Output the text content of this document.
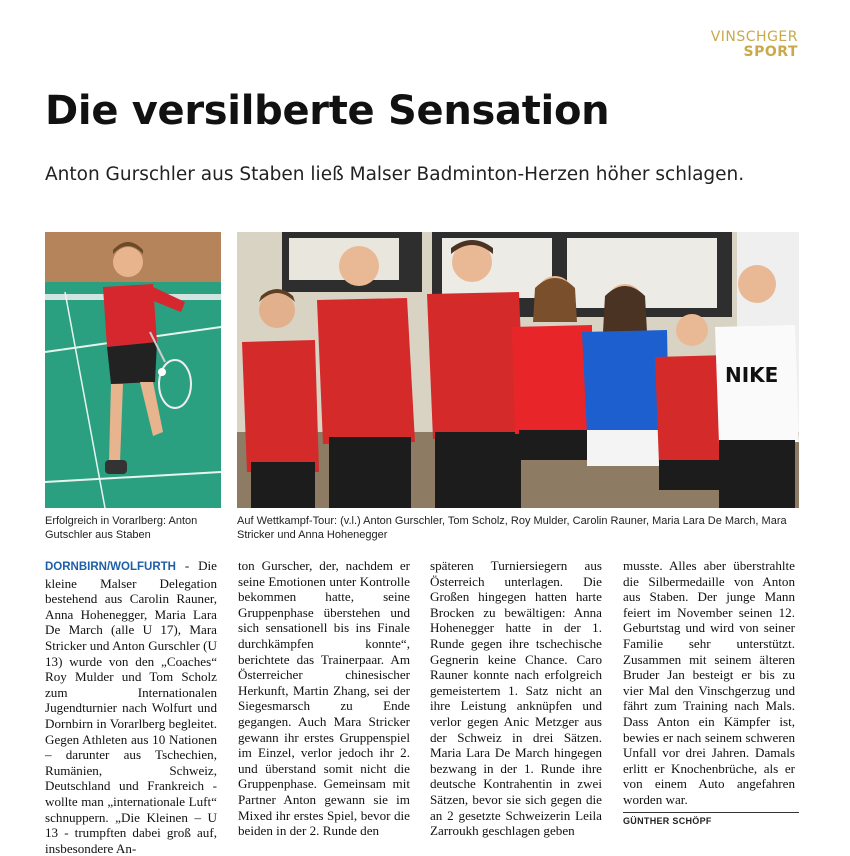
VINSCHGER
SPORT
Die versilberte Sensation

Anton Gurschler aus Staben ließ Malser Badminton-Herzen höher schlagen.

NIKE
Erfolgreich in Vorarlberg: Anton Gutschler aus Staben
Auf Wettkampf-Tour: (v.l.) Anton Gurschler, Tom Scholz, Roy Mulder, Carolin Rauner, Maria Lara De March, Mara Stricker und Anna Hohenegger
DORNBIRN/WOLFURTH - Die kleine Malser Delegation bestehend aus Carolin Rauner, Anna Hohenegger, Maria Lara De March (alle U 17), Mara Stricker und Anton Gurschler (U 13) wurde von den „Coaches“ Roy Mulder und Tom Scholz zum Internationalen Jugendturnier nach Wolfurt und Dornbirn in Vorarlberg begleitet. Gegen Athleten aus 10 Nationen – darunter aus Tschechien, Rumänien, Schweiz, Deutschland und Frankreich - wollte man „internationale Luft“ schnuppern. „Die Kleinen – U 13 - trumpften dabei groß auf, insbesondere An-
ton Gurscher, der, nachdem er seine Emotionen unter Kontrolle bekommen hatte, seine Gruppenphase überstehen und sich sensationell bis ins Finale durchkämpfen konnte“, berichtete das Trainerpaar. Am Österreicher chinesischer Herkunft, Martin Zhang, sei der Siegesmarsch zu Ende gegangen. Auch Mara Stricker gewann ihr erstes Gruppenspiel im Einzel, verlor jedoch ihr 2. und überstand somit nicht die Gruppenphase. Gemeinsam mit Partner Anton gewann sie im Mixed ihr erstes Spiel, bevor die beiden in der 2. Runde den
späteren Turniersiegern aus Österreich unterlagen. Die Großen hingegen hatten harte Brocken zu bewältigen: Anna Hohenegger hatte in der 1. Runde gegen ihre tschechische Gegnerin keine Chance. Caro Rauner konnte nach erfolgreich gemeistertem 1. Satz nicht an ihre Leistung anknüpfen und verlor gegen Anic Metzger aus der Schweiz in drei Sätzen. Maria Lara De March hingegen bezwang in der 1. Runde ihre deutsche Kontrahentin in zwei Sätzen, bevor sie sich gegen die an 2 gesetzte Schweizerin Leila Zarroukh geschlagen geben
musste. Alles aber überstrahlte die Silbermedaille von Anton aus Staben. Der junge Mann feiert im November seinen 12. Geburtstag und wird von seiner Familie sehr unterstützt. Zusammen mit seinem älteren Bruder Jan besteigt er bis zu vier Mal den Vinschgerzug und fährt zum Training nach Mals. Dass Anton ein Kämpfer ist, bewies er nach seinem schweren Unfall vor drei Jahren. Damals erlitt er Knochenbrüche, als er von einem Auto angefahren worden war.
GÜNTHER SCHÖPF
